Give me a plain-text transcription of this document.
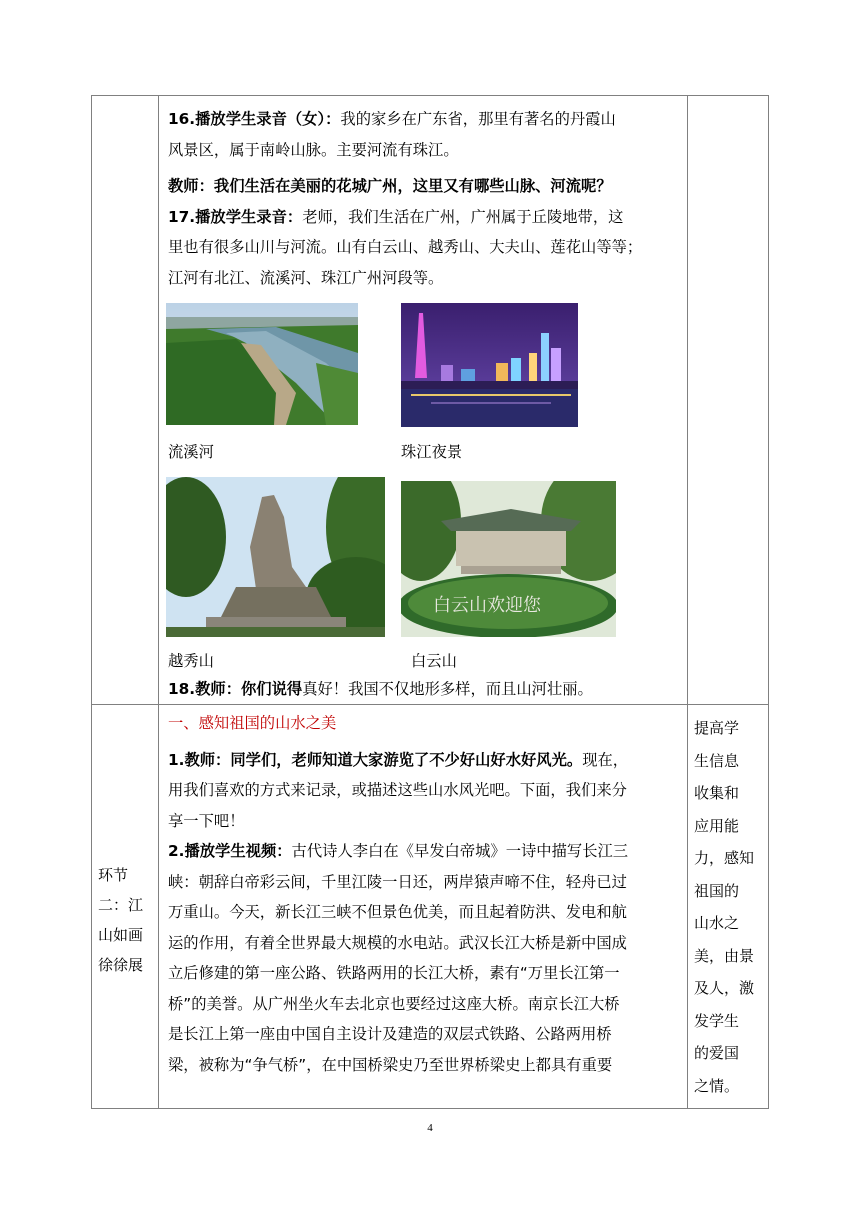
16.播放学生录音（女）：我的家乡在广东省，那里有著名的丹霞山

风景区，属于南岭山脉。主要河流有珠江。

教师：我们生活在美丽的花城广州，这里又有哪些山脉、河流呢？

17.播放学生录音：老师，我们生活在广州，广州属于丘陵地带，这

里也有很多山川与河流。山有白云山、越秀山、大夫山、莲花山等等；

江河有北江、流溪河、珠江广州河段等。

流溪河	珠江夜景
白云山欢迎您
越秀山	白云山

18.教师：你们说得真好！我国不仅地形多样，而且山河壮丽。

环节
二：江
山如画
徐徐展

一、感知祖国的山水之美

1.教师：同学们，老师知道大家游览了不少好山好水好风光。现在，

用我们喜欢的方式来记录，或描述这些山水风光吧。下面，我们来分

享一下吧！

2.播放学生视频：古代诗人李白在《早发白帝城》一诗中描写长江三

峡：朝辞白帝彩云间，千里江陵一日还，两岸猿声啼不住，轻舟已过

万重山。今天，新长江三峡不但景色优美，而且起着防洪、发电和航

运的作用，有着全世界最大规模的水电站。武汉长江大桥是新中国成

立后修建的第一座公路、铁路两用的长江大桥，素有“万里长江第一

桥”的美誉。从广州坐火车去北京也要经过这座大桥。南京长江大桥

是长江上第一座由中国自主设计及建造的双层式铁路、公路两用桥

梁，被称为“争气桥”，在中国桥梁史乃至世界桥梁史上都具有重要

提高学
生信息
收集和
应用能
力，感知
祖国的
山水之
美，由景
及人，激
发学生
的爱国
之情。
4
